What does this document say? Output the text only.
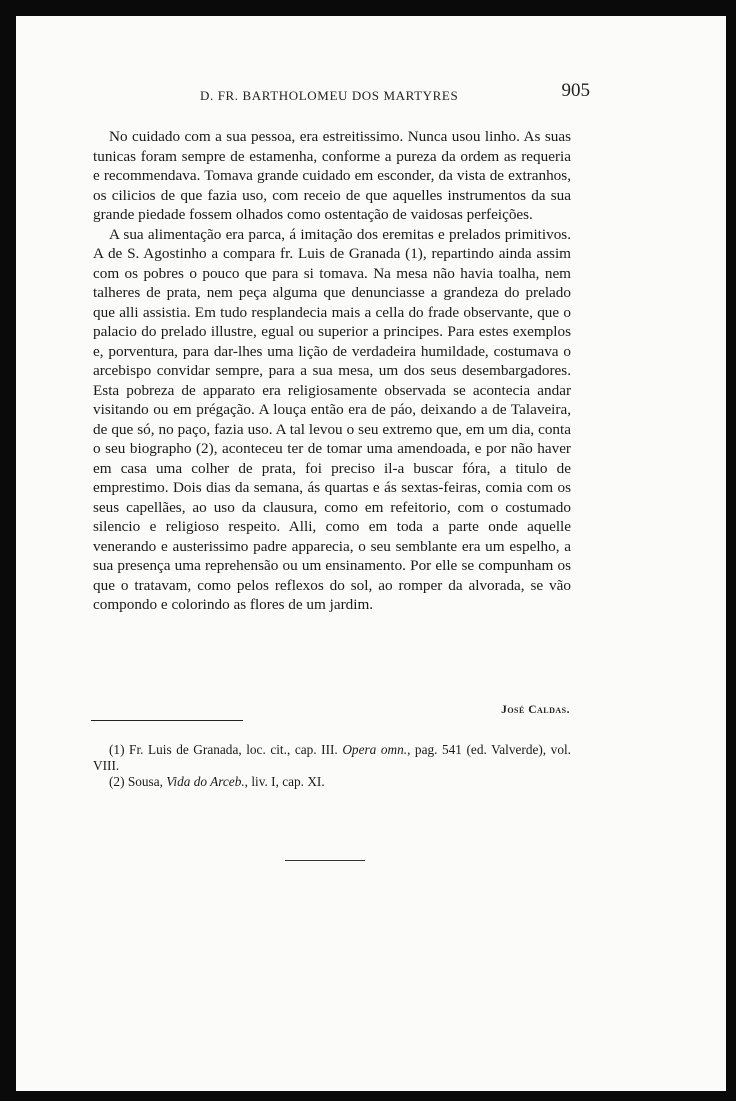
D. FR. BARTHOLOMEU DOS MARTYRES	905

No cuidado com a sua pessoa, era estreitissimo. Nunca usou linho. As suas tunicas foram sempre de estamenha, conforme a pureza da ordem as requeria e recommendava. Tomava grande cuidado em esconder, da vista de extranhos, os cilicios de que fazia uso, com receio de que aquelles instrumentos da sua grande piedade fossem olhados como ostentação de vaidosas perfeições.

A sua alimentação era parca, á imitação dos eremitas e prelados primitivos. A de S. Agostinho a compara fr. Luis de Granada (1), repartindo ainda assim com os pobres o pouco que para si tomava. Na mesa não havia toalha, nem talheres de prata, nem peça alguma que denunciasse a grandeza do prelado que alli assistia. Em tudo resplandecia mais a cella do frade observante, que o palacio do prelado illustre, egual ou superior a principes. Para estes exemplos e, porventura, para dar-lhes uma lição de verdadeira humildade, costumava o arcebispo convidar sempre, para a sua mesa, um dos seus desembargadores. Esta pobreza de apparato era religiosamente observada se acontecia andar visitando ou em prégação. A louça então era de páo, deixando a de Talaveira, de que só, no paço, fazia uso. A tal levou o seu extremo que, em um dia, conta o seu biographo (2), aconteceu ter de tomar uma amendoada, e por não haver em casa uma colher de prata, foi preciso il-a buscar fóra, a titulo de emprestimo. Dois dias da semana, ás quartas e ás sextas-feiras, comia com os seus capellães, ao uso da clausura, como em refeitorio, com o costumado silencio e religioso respeito. Alli, como em toda a parte onde aquelle venerando e austerissimo padre apparecia, o seu semblante era um espelho, a sua presença uma reprehensão ou um ensinamento. Por elle se compunham os que o tratavam, como pelos reflexos do sol, ao romper da alvorada, se vão compondo e colorindo as flores de um jardim.

José Caldas.

(1) Fr. Luis de Granada, loc. cit., cap. III. Opera omn., pag. 541 (ed. Valverde), vol. VIII.

(2) Sousa, Vida do Arceb., liv. I, cap. XI.
